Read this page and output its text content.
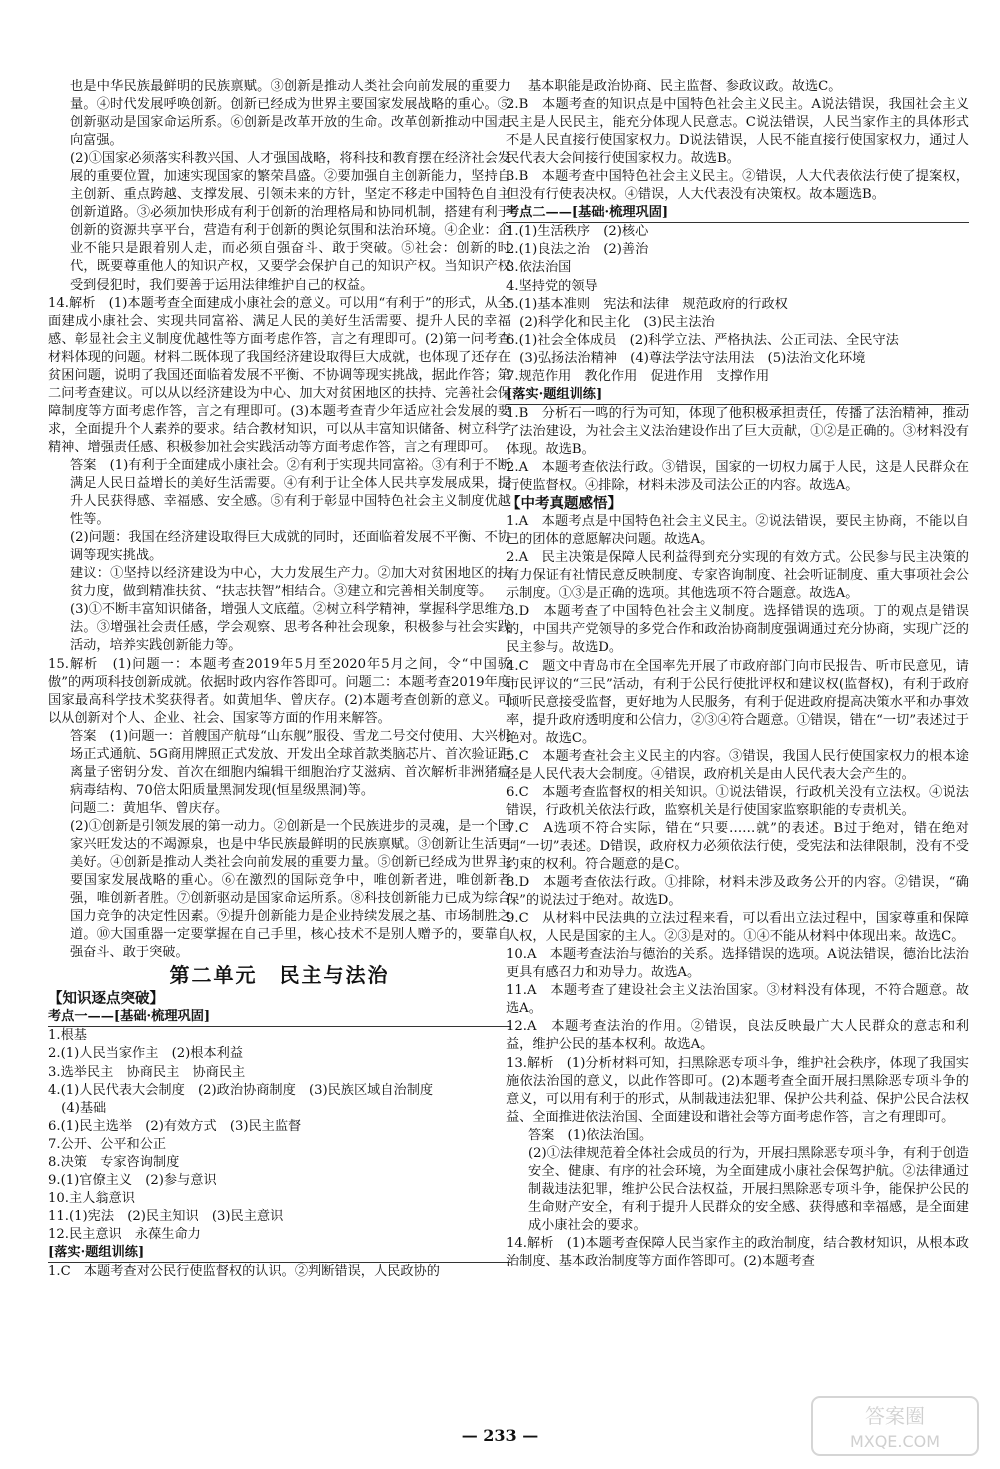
也是中华民族最鲜明的民族禀赋。③创新是推动人类社会向前发展的重要力量。④时代发展呼唤创新。创新已经成为世界主要国家发展战略的重心。⑤创新驱动是国家命运所系。⑥创新是改革开放的生命。改革创新推动中国走向富强。

(2)①国家必须落实科教兴国、人才强国战略，将科技和教育摆在经济社会发展的重要位置，加速实现国家的繁荣昌盛。②要加强自主创新能力，坚持自主创新、重点跨越、支撑发展、引领未来的方针，坚定不移走中国特色自主创新道路。③必须加快形成有利于创新的治理格局和协同机制，搭建有利于创新的资源共享平台，营造有利于创新的舆论氛围和法治环境。④企业：企业不能只是跟着别人走，而必须自强奋斗、敢于突破。⑤社会：创新的时代，既要尊重他人的知识产权，又要学会保护自己的知识产权。当知识产权受到侵犯时，我们要善于运用法律维护自己的权益。

14.解析　(1)本题考查全面建成小康社会的意义。可以用“有利于”的形式，从全面建成小康社会、实现共同富裕、满足人民的美好生活需要、提升人民的幸福感、彰显社会主义制度优越性等方面考虑作答，言之有理即可。(2)第一问考查材料体现的问题。材料二既体现了我国经济建设取得巨大成就，也体现了还存在贫困问题，说明了我国还面临着发展不平衡、不协调等现实挑战，据此作答；第二问考查建议。可以从以经济建设为中心、加大对贫困地区的扶持、完善社会保障制度等方面考虑作答，言之有理即可。(3)本题考查青少年适应社会发展的要求，全面提升个人素养的要求。结合教材知识，可以从丰富知识储备、树立科学精神、增强责任感、积极参加社会实践活动等方面考虑作答，言之有理即可。

答案　(1)有利于全面建成小康社会。②有利于实现共同富裕。③有利于不断满足人民日益增长的美好生活需要。④有利于让全体人民共享发展成果，提升人民获得感、幸福感、安全感。⑤有利于彰显中国特色社会主义制度优越性等。

(2)问题：我国在经济建设取得巨大成就的同时，还面临着发展不平衡、不协调等现实挑战。

建议：①坚持以经济建设为中心，大力发展生产力。②加大对贫困地区的扶贫力度，做到精准扶贫、“扶志扶智”相结合。③建立和完善相关制度等。

(3)①不断丰富知识储备，增强人文底蕴。②树立科学精神，掌握科学思维方法。③增强社会责任感，学会观察、思考各种社会现象，积极参与社会实践活动，培养实践创新能力等。

15.解析　(1)问题一：本题考查2019年5月至2020年5月之间，令“中国骄傲”的两项科技创新成就。依据时政内容作答即可。问题二：本题考查2019年度国家最高科学技术奖获得者。如黄旭华、曾庆存。(2)本题考查创新的意义。可以从创新对个人、企业、社会、国家等方面的作用来解答。

答案　(1)问题一：首艘国产航母“山东舰”服役、雪龙二号交付使用、大兴机场正式通航、5G商用牌照正式发放、开发出全球首款类脑芯片、首次验证距离量子密钥分发、首次在细胞内编辑干细胞治疗艾滋病、首次解析非洲猪瘟病毒结构、70倍太阳质量黑洞发现(恒星级黑洞)等。

问题二：黄旭华、曾庆存。

(2)①创新是引领发展的第一动力。②创新是一个民族进步的灵魂，是一个国家兴旺发达的不竭源泉，也是中华民族最鲜明的民族禀赋。③创新让生活更美好。④创新是推动人类社会向前发展的重要力量。⑤创新已经成为世界主要国家发展战略的重心。⑥在激烈的国际竞争中，唯创新者进，唯创新者强，唯创新者胜。⑦创新驱动是国家命运所系。⑧科技创新能力已成为综合国力竞争的决定性因素。⑨提升创新能力是企业持续发展之基、市场制胜之道。⑩大国重器一定要掌握在自己手里，核心技术不是别人赠予的，要靠自强奋斗、敢于突破。

第二单元　民主与法治
【知识逐点突破】
考点一——[基础·梳理巩固]

1.根基

2.(1)人民当家作主　(2)根本利益

3.选举民主　协商民主　协商民主

4.(1)人民代表大会制度　(2)政治协商制度　(3)民族区域自治制度

　(4)基础

6.(1)民主选举　(2)有效方式　(3)民主监督

7.公开、公平和公正

8.决策　专家咨询制度

9.(1)官僚主义　(2)参与意识

10.主人翁意识

11.(1)宪法　(2)民主知识　(3)民主意识

12.民主意识　永葆生命力

[落实·题组训练]

1.C　本题考查对公民行使监督权的认识。②判断错误，人民政协的

基本职能是政治协商、民主监督、参政议政。故选C。

2.B　本题考查的知识点是中国特色社会主义民主。A说法错误，我国社会主义民主是人民民主，能充分体现人民意志。C说法错误，人民当家作主的具体形式不是人民直接行使国家权力。D说法错误，人民不能直接行使国家权力，通过人民代表大会间接行使国家权力。故选B。

3.B　本题考查中国特色社会主义民主。②错误，人大代表依法行使了提案权，但没有行使表决权。④错误，人大代表没有决策权。故本题选B。

考点二——[基础·梳理巩固]

1.(1)生活秩序　(2)核心

2.(1)良法之治　(2)善治

3.依法治国

4.坚持党的领导

5.(1)基本准则　宪法和法律　规范政府的行政权

　(2)科学化和民主化　(3)民主法治

6.(1)社会全体成员　(2)科学立法、严格执法、公正司法、全民守法

　(3)弘扬法治精神　(4)尊法学法守法用法　(5)法治文化环境

7.规范作用　教化作用　促进作用　支撑作用

[落实·题组训练]

1.B　分析石一鸣的行为可知，体现了他积极承担责任，传播了法治精神，推动了法治建设，为社会主义法治建设作出了巨大贡献，①②是正确的。③材料没有体现。故选B。

2.A　本题考查依法行政。③错误，国家的一切权力属于人民，这是人民群众在行使监督权。④排除，材料未涉及司法公正的内容。故选A。

【中考真题感悟】

1.A　本题考点是中国特色社会主义民主。②说法错误，要民主协商，不能以自己的团体的意愿解决问题。故选A。

2.A　民主决策是保障人民利益得到充分实现的有效方式。公民参与民主决策的有力保证有社情民意反映制度、专家咨询制度、社会听证制度、重大事项社会公示制度。①③是正确的选项。其他选项不符合题意。故选A。

3.D　本题考查了中国特色社会主义制度。选择错误的选项。丁的观点是错误的，中国共产党领导的多党合作和政治协商制度强调通过充分协商，实现广泛的民主参与。故选D。

4.C　题文中青岛市在全国率先开展了市政府部门向市民报告、听市民意见，请市民评议的“三民”活动，有利于公民行使批评权和建议权(监督权)，有利于政府倾听民意接受监督，更好地为人民服务，有利于促进政府提高决策水平和办事效率，提升政府透明度和公信力，②③④符合题意。①错误，错在“一切”表述过于绝对。故选C。

5.C　本题考查社会主义民主的内容。③错误，我国人民行使国家权力的根本途径是人民代表大会制度。④错误，政府机关是由人民代表大会产生的。

6.C　本题考查监督权的相关知识。①说法错误，行政机关没有立法权。④说法错误，行政机关依法行政，监察机关是行使国家监察职能的专责机关。

7.C　A选项不符合实际，错在“只要……就”的表述。B过于绝对，错在绝对词“一切”表述。D错误，政府权力必须依法行使，受宪法和法律限制，没有不受约束的权利。符合题意的是C。

8.D　本题考查依法行政。①排除，材料未涉及政务公开的内容。②错误，“确保”的说法过于绝对。故选D。

9.C　从材料中民法典的立法过程来看，可以看出立法过程中，国家尊重和保障人权，人民是国家的主人。②③是对的。①④不能从材料中体现出来。故选C。

10.A　本题考查法治与德治的关系。选择错误的选项。A说法错误，德治比法治更具有感召力和劝导力。故选A。

11.A　本题考查了建设社会主义法治国家。③材料没有体现，不符合题意。故选A。

12.A　本题考查法治的作用。②错误，良法反映最广大人民群众的意志和利益，维护公民的基本权利。故选A。

13.解析　(1)分析材料可知，扫黑除恶专项斗争，维护社会秩序，体现了我国实施依法治国的意义，以此作答即可。(2)本题考查全面开展扫黑除恶专项斗争的意义，可以用有利于的形式，从制裁违法犯罪、保护公共利益、保护公民合法权益、全面推进依法治国、全面建设和谐社会等方面考虑作答，言之有理即可。

答案　(1)依法治国。

(2)①法律规范着全体社会成员的行为，开展扫黑除恶专项斗争，有利于创造安全、健康、有序的社会环境，为全面建成小康社会保驾护航。②法律通过制裁违法犯罪，维护公民合法权益，开展扫黑除恶专项斗争，能保护公民的生命财产安全，有利于提升人民群众的安全感、获得感和幸福感，是全面建成小康社会的要求。

14.解析　(1)本题考查保障人民当家作主的政治制度，结合教材知识，从根本政治制度、基本政治制度等方面作答即可。(2)本题考查

— 233 —
答案圈
MXQE.COM
